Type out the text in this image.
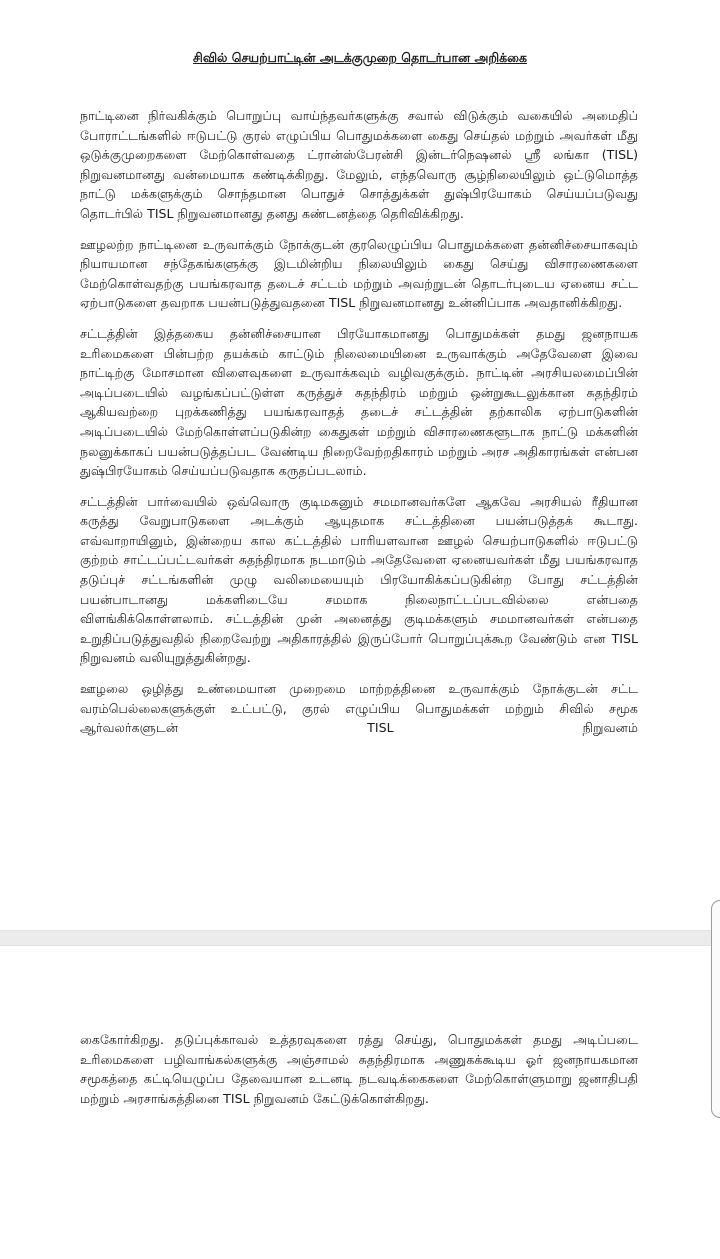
சிவில் செயற்பாட்டின் அடக்குமுறை தொடர்பான அறிக்கை

நாட்டினை நிர்வகிக்கும் பொறுப்பு வாய்ந்தவர்களுக்கு சவால் விடுக்கும் வகையில் அமைதிப் போராட்டங்களில் ஈடுபட்டு குரல் எழுப்பிய பொதுமக்களை கைது செய்தல் மற்றும் அவர்கள் மீது ஒடுக்குமுறைகளை மேற்கொள்வதை ட்ரான்ஸ்பேரன்சி இன்டர்நெஷனல் ஸ்ரீ லங்கா (TISL) நிறுவனமானது வன்மையாக கண்டிக்கிறது. மேலும், எந்தவொரு சூழ்நிலையிலும் ஒட்டுமொத்த நாட்டு மக்களுக்கும் சொந்தமான பொதுச் சொத்துக்கள் துஷ்பிரயோகம் செய்யப்படுவது தொடர்பில் TISL நிறுவனமானது தனது கண்டனத்தை தெரிவிக்கிறது.

ஊழலற்ற நாட்டினை உருவாக்கும் நோக்குடன் குரலெழுப்பிய பொதுமக்களை தன்னிச்சையாகவும் நியாயமான சந்தேகங்களுக்கு இடமின்றிய நிலையிலும் கைது செய்து விசாரணைகளை மேற்கொள்வதற்கு பயங்கரவாத தடைச் சட்டம் மற்றும் அவற்றுடன் தொடர்புடைய ஏனைய சட்ட ஏற்பாடுகளை தவறாக பயன்படுத்துவதனை TISL நிறுவனமானது உன்னிப்பாக அவதானிக்கிறது.

சட்டத்தின் இத்தகைய தன்னிச்சையான பிரயோகமானது பொதுமக்கள் தமது ஜனநாயக உரிமைகளை பின்பற்ற தயக்கம் காட்டும் நிலைமையினை உருவாக்கும் அதேவேளை இவை நாட்டிற்கு மோசமான விளைவுகளை உருவாக்கவும் வழிவகுக்கும். நாட்டின் அரசியலமைப்பின் அடிப்படையில் வழங்கப்பட்டுள்ள கருத்துச் சுதந்திரம் மற்றும் ஒன்றுகூடலுக்கான சுதந்திரம் ஆகியவற்றை புறக்கணித்து பயங்கரவாதத் தடைச் சட்டத்தின் தற்காலிக ஏற்பாடுகளின் அடிப்படையில் மேற்கொள்ளப்படுகின்ற கைதுகள் மற்றும் விசாரணைகளூடாக நாட்டு மக்களின் நலனுக்காகப் பயன்படுத்தப்பட வேண்டிய நிறைவேற்றதிகாரம் மற்றும் அரச அதிகாரங்கள் என்பன துஷ்பிரயோகம் செய்யப்படுவதாக கருதப்படலாம்.

சட்டத்தின் பார்வையில் ஒவ்வொரு குடிமகனும் சமமானவர்களே ஆகவே அரசியல் ரீதியான கருத்து வேறுபாடுகளை அடக்கும் ஆயுதமாக சட்டத்தினை பயன்படுத்தக் கூடாது. எவ்வாறாயினும், இன்றைய கால கட்டத்தில் பாரியளவான ஊழல் செயற்பாடுகளில் ஈடுபட்டு குற்றம் சாட்டப்பட்டவர்கள் சுதந்திரமாக நடமாடும் அதேவேளை ஏனையவர்கள் மீது பயங்கரவாத தடுப்புச் சட்டங்களின் முழு வலிமையையும் பிரயோகிக்கப்படுகின்ற போது சட்டத்தின் பயன்பாடானது மக்களிடையே சமமாக நிலைநாட்டப்படவில்லை என்பதை விளங்கிக்கொள்ளலாம். சட்டத்தின் முன் அனைத்து குடிமக்களும் சமமானவர்கள் என்பதை உறுதிப்படுத்துவதில் நிறைவேற்று அதிகாரத்தில் இருப்போர் பொறுப்புக்கூற வேண்டும் என TISL நிறுவனம் வலியுறுத்துகின்றது.

ஊழலை ஒழித்து உண்மையான முறைமை மாற்றத்தினை உருவாக்கும் நோக்குடன் சட்ட வரம்பெல்லைகளுக்குள் உட்பட்டு, குரல் எழுப்பிய பொதுமக்கள் மற்றும் சிவில் சமூக ஆர்வலர்களுடன் TISL நிறுவனம்

கைகோர்கிறது. தடுப்புக்காவல் உத்தரவுகளை ரத்து செய்து, பொதுமக்கள் தமது அடிப்படை உரிமைகளை பழிவாங்கல்களுக்கு அஞ்சாமல் சுதந்திரமாக அணுகக்கூடிய ஓர் ஜனநாயகமான சமூகத்தை கட்டியெழுப்ப தேவையான உடனடி நடவடிக்கைகளை மேற்கொள்ளுமாறு ஜனாதிபதி மற்றும் அரசாங்கத்தினை TISL நிறுவனம் கேட்டுக்கொள்கிறது.
